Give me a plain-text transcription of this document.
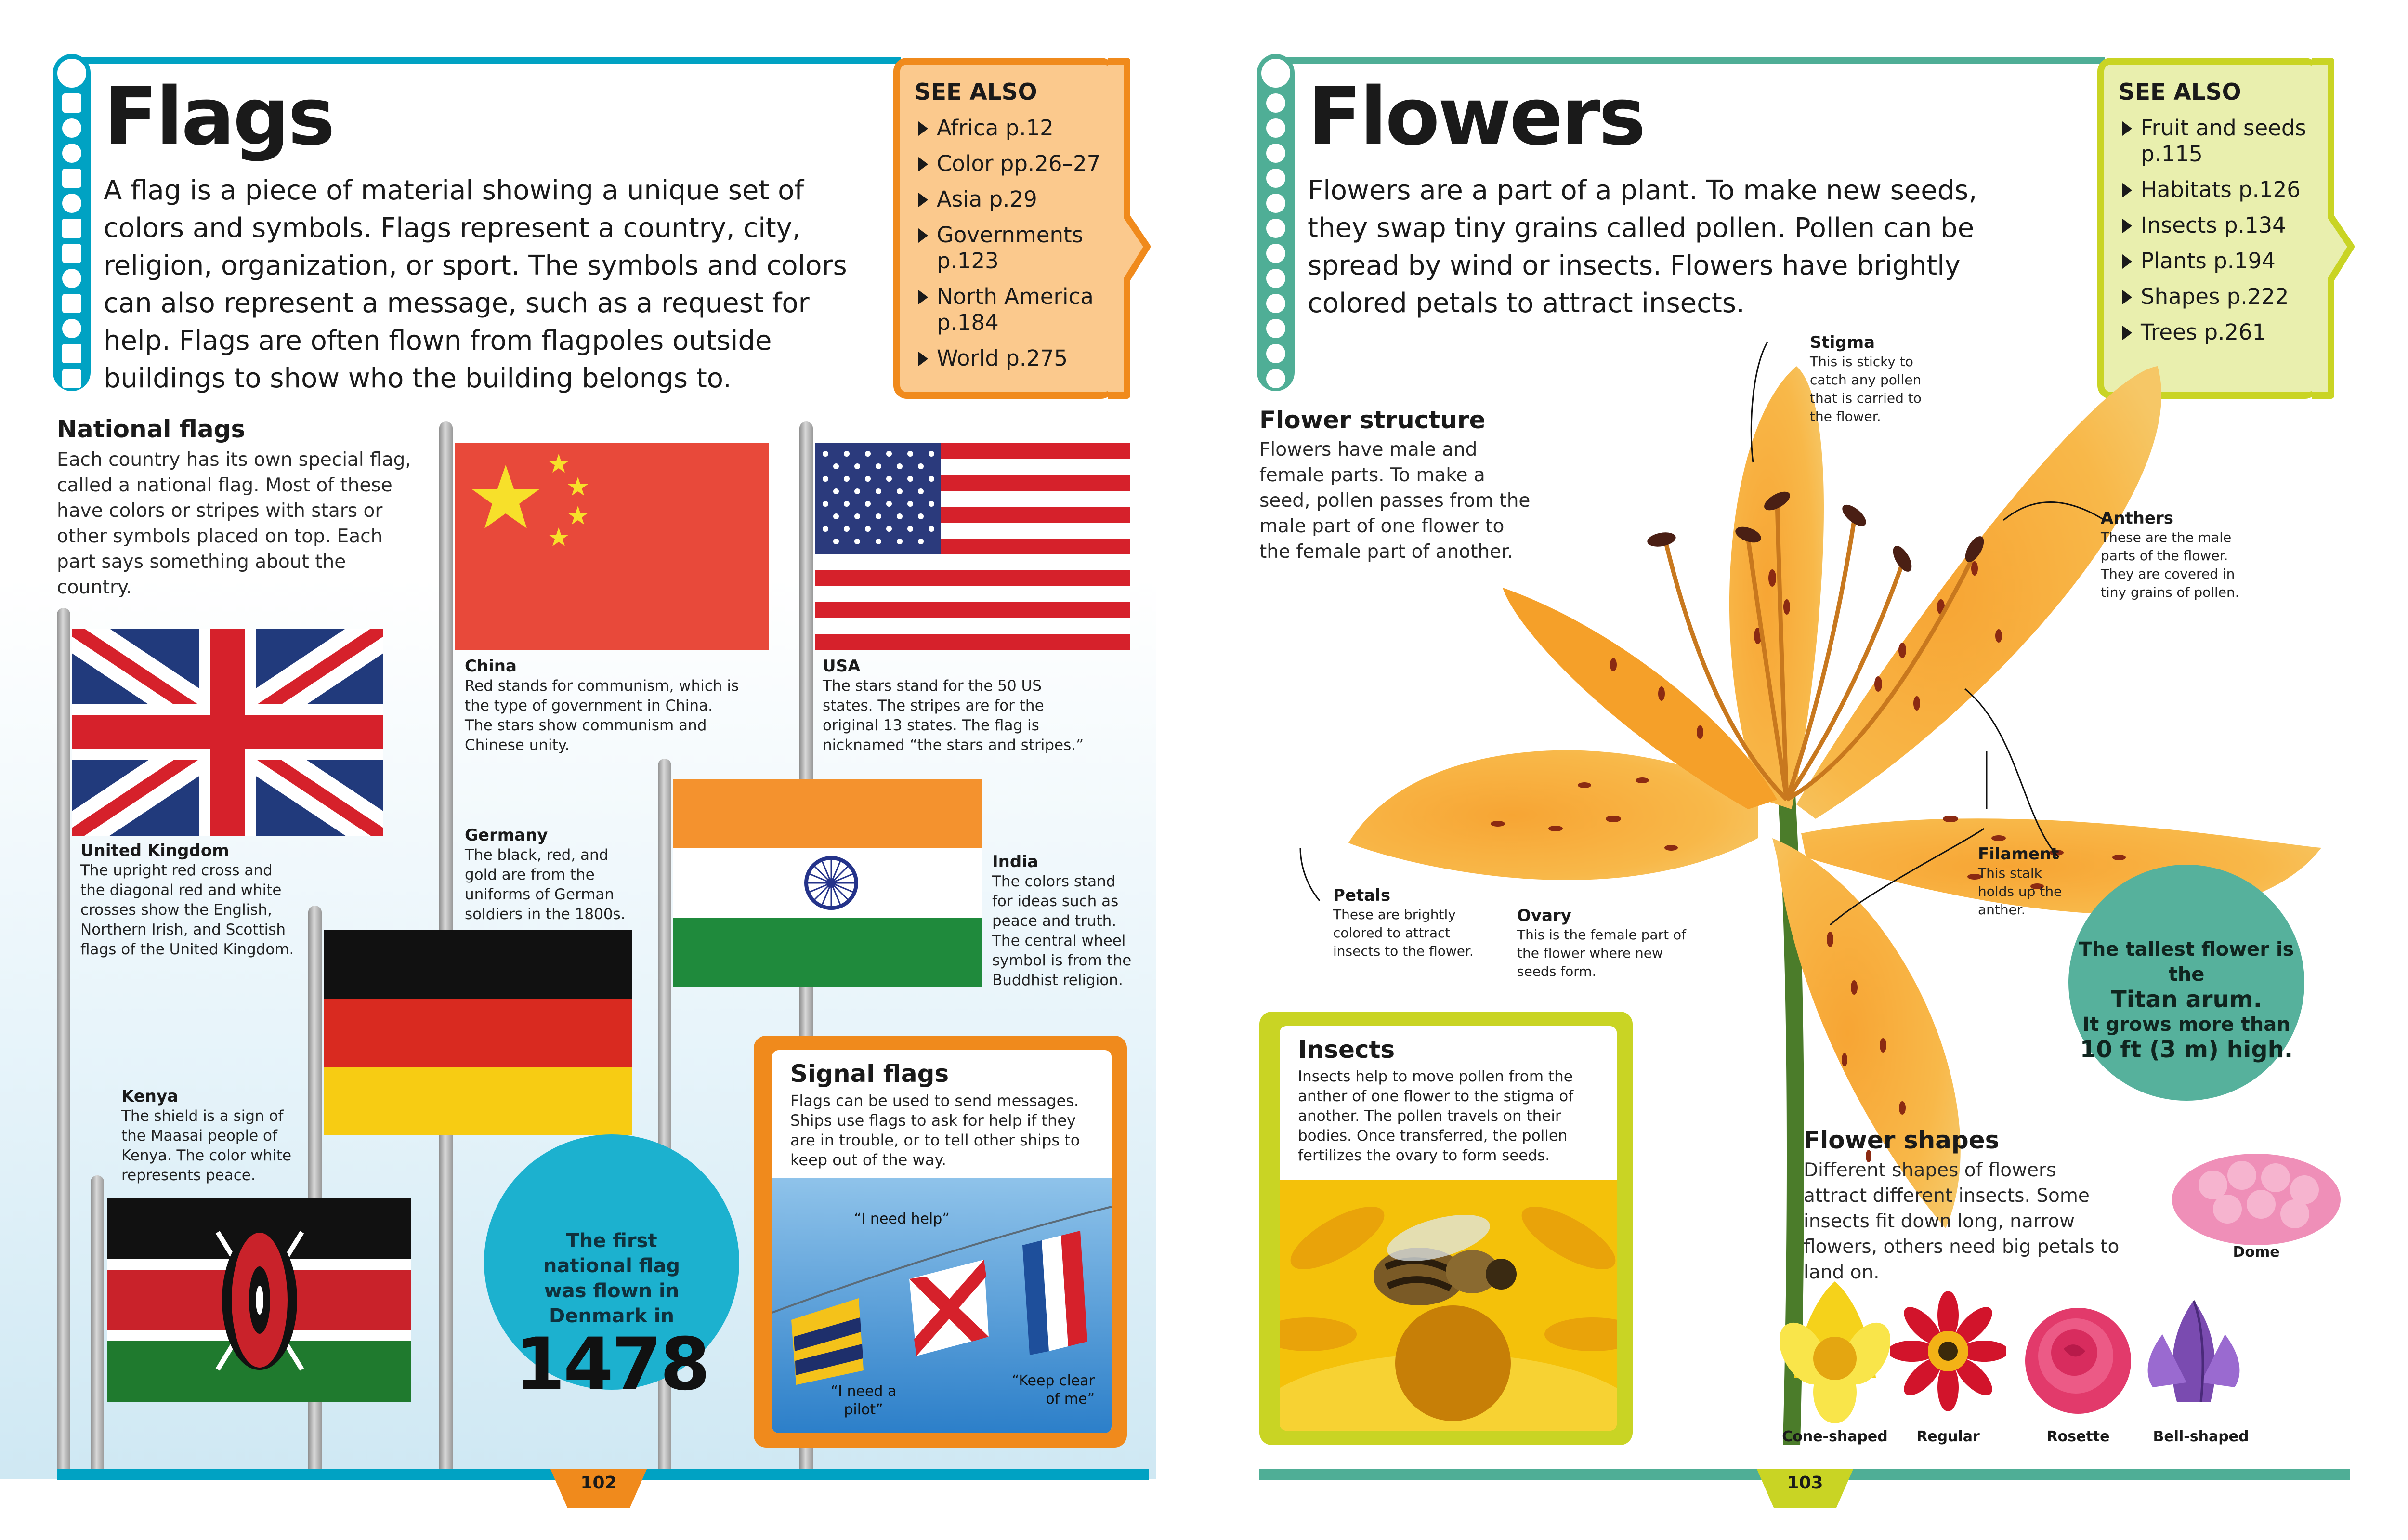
Flags
A flag is a piece of material showing a unique set of colors and symbols. Flags represent a country, city, religion, organization, or sport. The symbols and colors can also represent a message, such as a request for help. Flags are often flown from flagpoles outside buildings to show who the building belongs to.
SEE ALSO
Africa p.12
Color pp.26–27
Asia p.29
Governments p.123
North America p.184
World p.275
National flags
Each country has its own special flag, called a national flag. Most of these have colors or stripes with stars or other symbols placed on top. Each part says something about the country.
China
Red stands for communism, which is the type of government in China. The stars show communism and Chinese unity.
USA
The stars stand for the 50 US states. The stripes are for the original 13 states. The flag is nicknamed “the stars and stripes.”
United Kingdom
The upright red cross and the diagonal red and white crosses show the English, Northern Irish, and Scottish flags of the United Kingdom.
Germany
The black, red, and gold are from the uniforms of German soldiers in the 1800s.
India
The colors stand for ideas such as peace and truth. The central wheel symbol is from the Buddhist religion.
Kenya
The shield is a sign of the Maasai people of Kenya. The color white represents peace.
The first national flag was flown in Denmark in
1478
Signal flags
Flags can be used to send messages. Ships use flags to ask for help if they are in trouble, or to tell other ships to keep out of the way.
“I need help”
“I need a pilot”
“Keep clear of me”
102
Flowers
Flowers are a part of a plant. To make new seeds, they swap tiny grains called pollen. Pollen can be spread by wind or insects. Flowers have brightly colored petals to attract insects.
SEE ALSO
Fruit and seeds p.115
Habitats p.126
Insects p.134
Plants p.194
Shapes p.222
Trees p.261
Flower structure
Flowers have male and female parts. To make a seed, pollen passes from the male part of one flower to the female part of another.
Stigma
This is sticky to catch any pollen that is carried to the flower.
Anthers
These are the male parts of the flower. They are covered in tiny grains of pollen.
Filament
This stalk holds up the anther.
Petals
These are brightly colored to attract insects to the flower.
Ovary
This is the female part of the flower where new seeds form.
The tallest flower is the
Titan arum.
It grows more than
10 ft (3 m) high.
Insects
Insects help to move pollen from the anther of one flower to the stigma of another. The pollen travels on their bodies. Once transferred, the pollen fertilizes the ovary to form seeds.
Flower shapes
Different shapes of flowers attract different insects. Some insects fit down long, narrow flowers, others need big petals to land on.
Dome
Cone-shaped	Regular	Rosette	Bell-shaped
103
